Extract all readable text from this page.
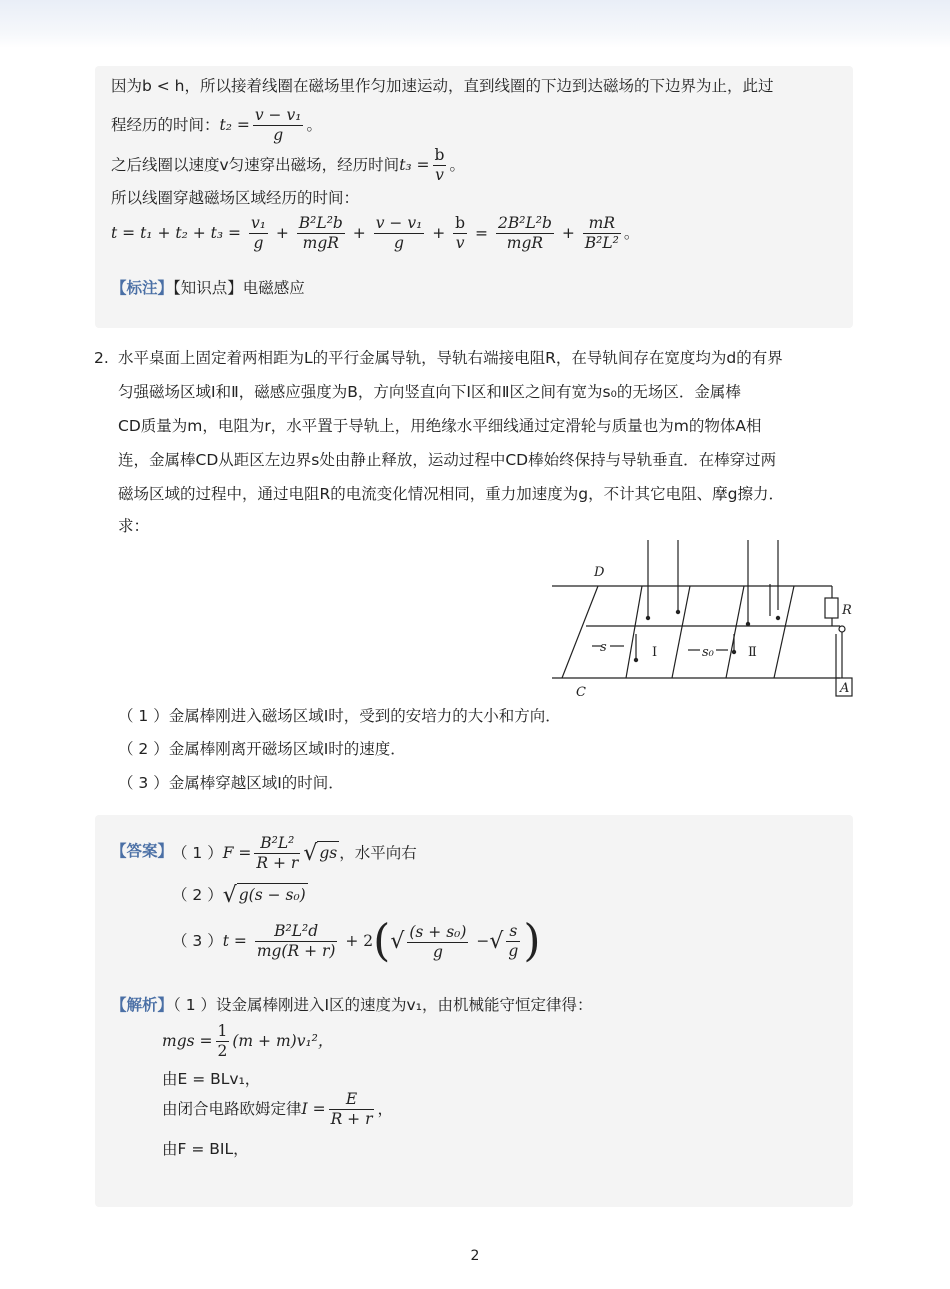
因为b < h，所以接着线圈在磁场里作匀加速运动，直到线圈的下边到达磁场的下边界为止，此过
程经历的时间：$t_2 = \frac{\text{v − v₁}}{g}$ 。
之后线圈以速度v匀速穿出磁场，经历时间$t_3 = \frac{b}{v}$ 。
所以线圈穿越磁场区域经历的时间：
$t = t_1 + t_2 + t_3 = \frac{\text{v₁}}{g} + \frac{\text{B²L²b}}{\text{mgR}} + \frac{\text{v − v₁}}{g} + \frac{b}{v} = \frac{\text{2B²L²b}}{\text{mgR}} + \frac{mR}{\text{B²L²}}$ 。
【标注】【知识点】电磁感应
2. 水平桌面上固定着两相距为L的平行金属导轨，导轨右端接电阻R，在导轨间存在宽度均为d的有界
匀强磁场区域Ⅰ和Ⅱ，磁感应强度为B，方向竖直向下Ⅰ区和Ⅱ区之间有宽为s₀的无场区．金属棒
CD质量为m，电阻为r，水平置于导轨上，用绝缘水平细线通过定滑轮与质量也为m的物体A相
连，金属棒CD从距区左边界s处由静止释放，运动过程中CD棒始终保持与导轨垂直．在棒穿过两
磁场区域的过程中，通过电阻R的电流变化情况相同，重力加速度为g，不计其它电阻、摩g擦力．
求：
D
C
R
A
s	Ⅰ	s₀	Ⅱ
（ 1 ）金属棒刚进入磁场区域Ⅰ时，受到的安培力的大小和方向．
（ 2 ）金属棒刚离开磁场区域Ⅰ时的速度．
（ 3 ）金属棒穿越区域Ⅰ的时间．
【答案】
（ 1 ）$F = \frac{\text{B²L²}}{R + r}$ √ gs ，水平向右
（ 2 ）√ g(s − s₀)
（ 3 ）$t = \frac{\text{B²L²d}}{mg(R + r)} + 2(√ \frac{\text{(s + s₀)}}{g}$ −√ $\frac{s}{g}$ )
【解析】（ 1 ）设金属棒刚进入Ⅰ区的速度为v₁，由机械能守恒定律得：
mgs = $\frac{1}{2} (m + m)v_1^2$，
由E = BLv₁，
由闭合电路欧姆定律$I = \frac{E}{R + r}$ ，
由F = BIL，
2
